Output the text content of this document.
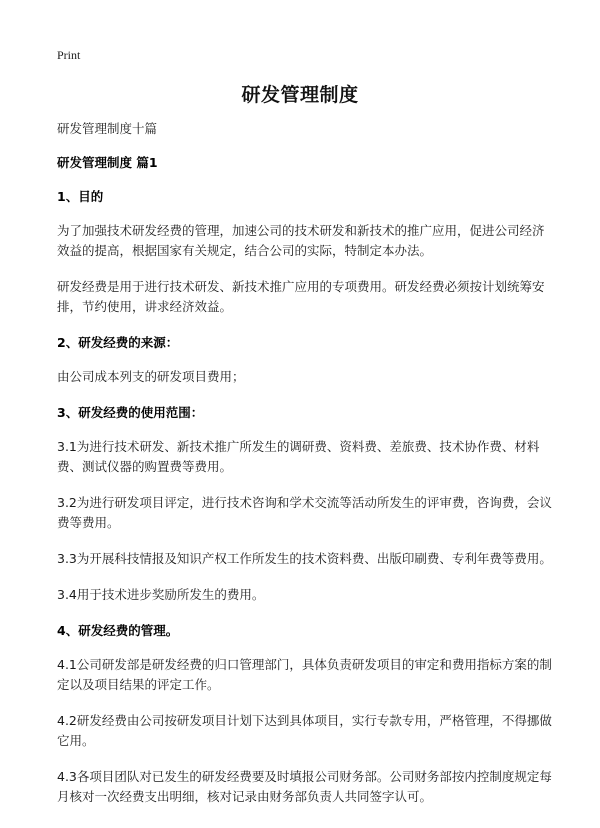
Print
研发管理制度
研发管理制度十篇
研发管理制度 篇1
1、目的
为了加强技术研发经费的管理，加速公司的技术研发和新技术的推广应用，促进公司经济效益的提高，根据国家有关规定，结合公司的实际，特制定本办法。
研发经费是用于进行技术研发、新技术推广应用的专项费用。研发经费必须按计划统筹安排，节约使用，讲求经济效益。
2、研发经费的来源：
由公司成本列支的研发项目费用；
3、研发经费的使用范围：
3.1为进行技术研发、新技术推广所发生的调研费、资料费、差旅费、技术协作费、材料费、测试仪器的购置费等费用。
3.2为进行研发项目评定，进行技术咨询和学术交流等活动所发生的评审费，咨询费，会议费等费用。
3.3为开展科技情报及知识产权工作所发生的技术资料费、出版印刷费、专利年费等费用。
3.4用于技术进步奖励所发生的费用。
4、研发经费的管理。
4.1公司研发部是研发经费的归口管理部门，具体负责研发项目的审定和费用指标方案的制定以及项目结果的评定工作。
4.2研发经费由公司按研发项目计划下达到具体项目，实行专款专用，严格管理，不得挪做它用。
4.3各项目团队对已发生的研发经费要及时填报公司财务部。公司财务部按内控制度规定每月核对一次经费支出明细，核对记录由财务部负责人共同签字认可。
